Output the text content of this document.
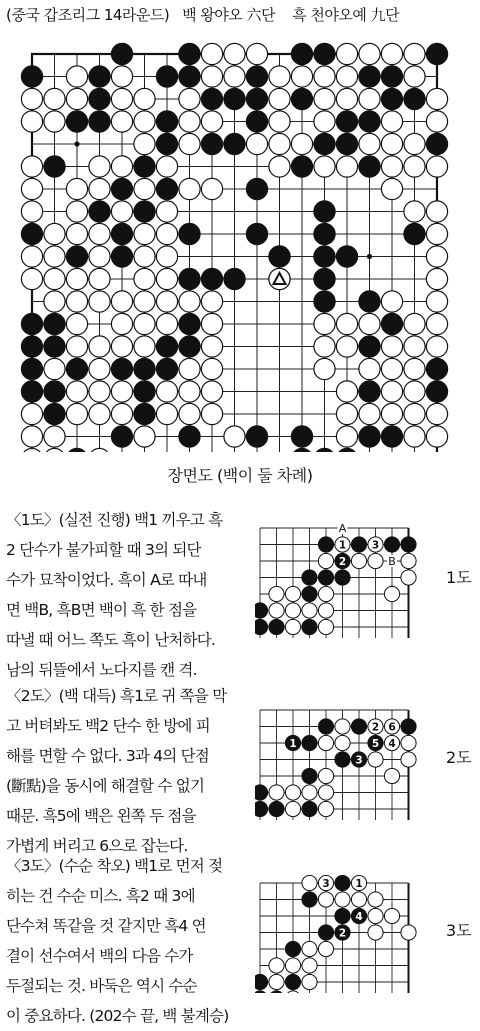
(중국 갑조리그 14라운드) 백 왕야오 六단 흑 천야오예 九단
장면도 (백이 둘 차례)

〈1도〉(실전 진행) 백1 끼우고 흑

2 단수가 불가피할 때 3의 되단

수가 묘착이었다. 흑이 A로 따내

면 백B, 흑B면 백이 흑 한 점을

따낼 때 어느 쪽도 흑이 난처하다.

남의 뒤뜰에서 노다지를 캔 격.

〈2도〉(백 대득) 흑1로 귀 쪽을 막

고 버텨봐도 백2 단수 한 방에 피

해를 면할 수 없다. 3과 4의 단점

(斷點)을 동시에 해결할 수 없기

때문. 흑5에 백은 왼쪽 두 점을

가볍게 버리고 6으로 잡는다.

〈3도〉(수순 착오) 백1로 먼저 젖

히는 건 수순 미스. 흑2 때 3에

단수쳐 똑같을 것 같지만 흑4 연

결이 선수여서 백의 다음 수가

두절되는 것. 바둑은 역시 수순

이 중요하다. (202수 끝, 백 불계승)

1 3
2
A
B
2 6
5 4
3
1
3 1
4
2
1도
2도
3도
